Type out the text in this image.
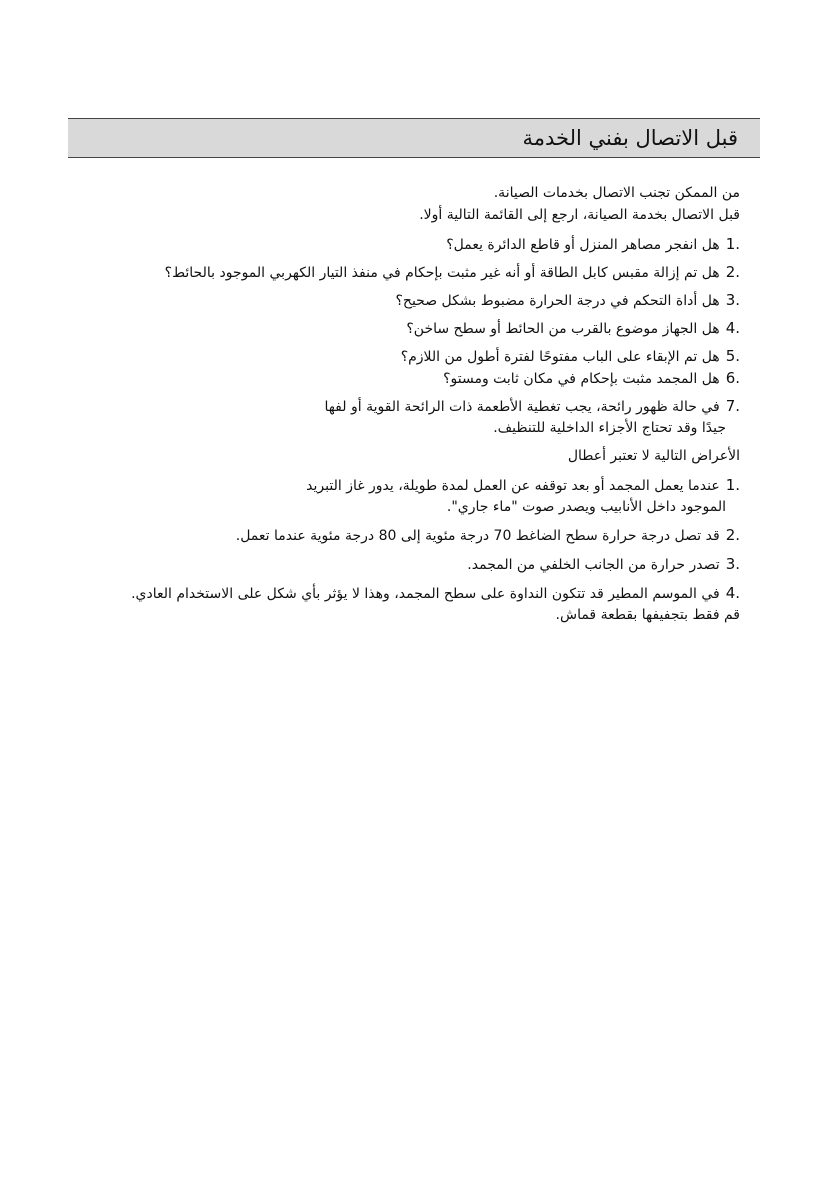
قبل الاتصال بفني الخدمة
من الممكن تجنب الاتصال بخدمات الصيانة.
قبل الاتصال بخدمة الصيانة، ارجع إلى القائمة التالية أولا.
1.هل انفجر مصاهر المنزل أو قاطع الدائرة يعمل؟
2.هل تم إزالة مقبس كابل الطاقة أو أنه غير مثبت بإحكام في منفذ التيار الكهربي الموجود بالحائط؟
3.هل أداة التحكم في درجة الحرارة مضبوط بشكل صحيح؟
4.هل الجهاز موضوع بالقرب من الحائط أو سطح ساخن؟
5.هل تم الإبقاء على الباب مفتوحًا لفترة أطول من اللازم؟
6.هل المجمد مثبت بإحكام في مكان ثابت ومستو؟
7.في حالة ظهور رائحة، يجب تغطية الأطعمة ذات الرائحة القوية أو لفها
جيدًا وقد تحتاج الأجزاء الداخلية للتنظيف.
الأعراض التالية لا تعتبر أعطال
1.عندما يعمل المجمد أو بعد توقفه عن العمل لمدة طويلة، يدور غاز التبريد
الموجود داخل الأنابيب ويصدر صوت "ماء جاري".
2.قد تصل درجة حرارة سطح الضاغط 70 درجة مئوية إلى 80 درجة مئوية عندما تعمل.
3.تصدر حرارة من الجانب الخلفي من المجمد.
4.في الموسم المطير قد تتكون النداوة على سطح المجمد، وهذا لا يؤثر بأي شكل على الاستخدام العادي.
قم فقط بتجفيفها بقطعة قماش.
